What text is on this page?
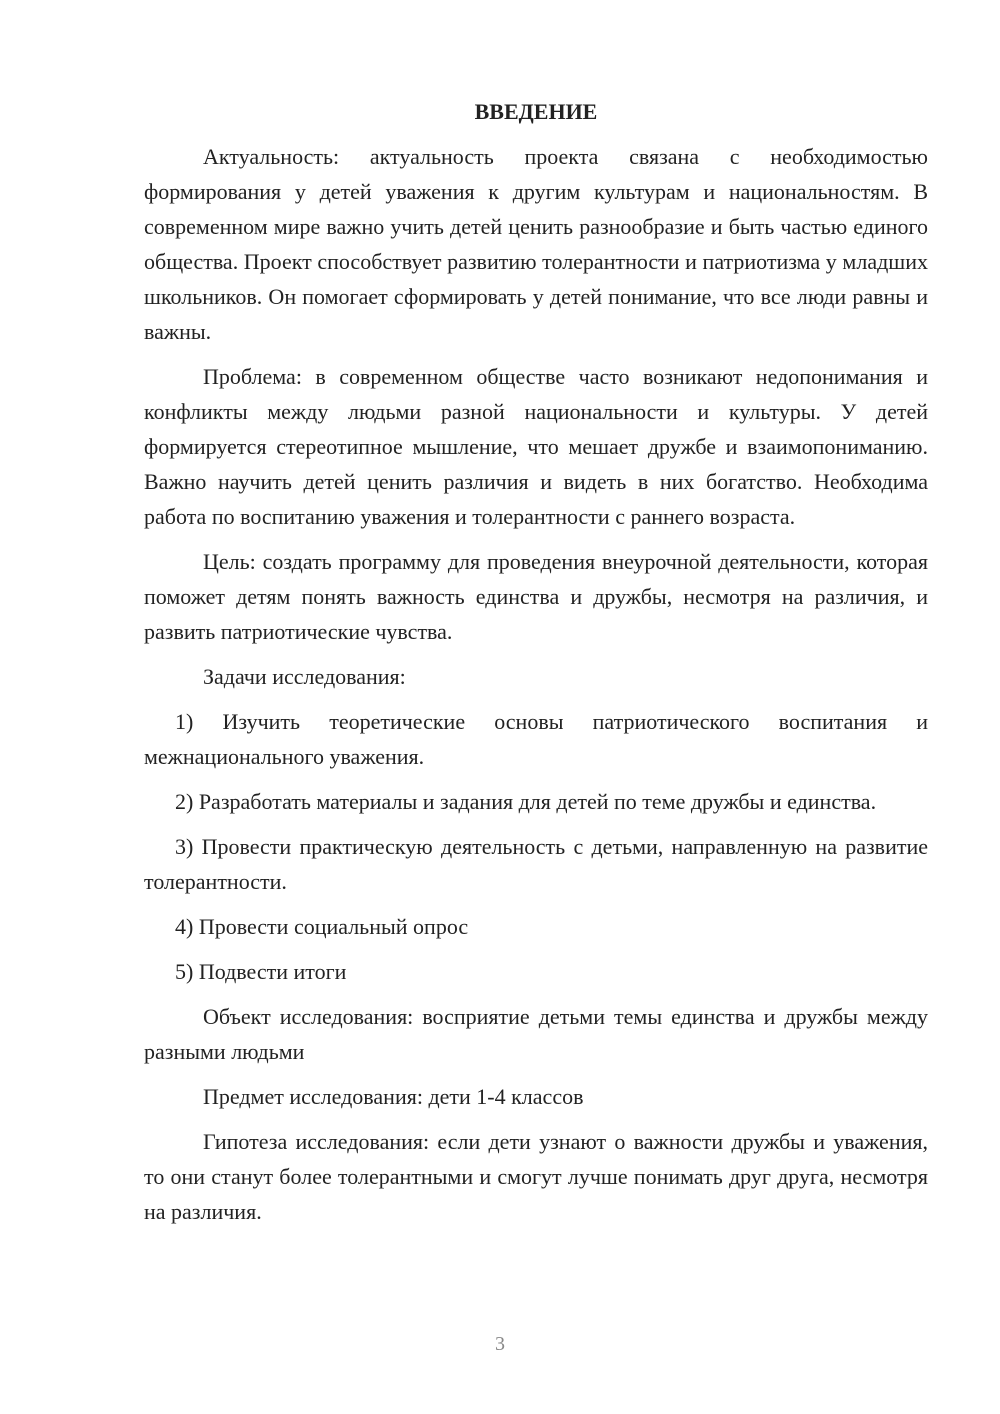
ВВЕДЕНИЕ

Актуальность: актуальность проекта связана с необходимостью формирования у детей уважения к другим культурам и национальностям. В современном мире важно учить детей ценить разнообразие и быть частью единого общества. Проект способствует развитию толерантности и патриотизма у младших школьников. Он помогает сформировать у детей понимание, что все люди равны и важны.

Проблема: в современном обществе часто возникают недопонимания и конфликты между людьми разной национальности и культуры. У детей формируется стереотипное мышление, что мешает дружбе и взаимопониманию. Важно научить детей ценить различия и видеть в них богатство. Необходима работа по воспитанию уважения и толерантности с раннего возраста.

Цель: создать программу для проведения внеурочной деятельности, которая поможет детям понять важность единства и дружбы, несмотря на различия, и развить патриотические чувства.

Задачи исследования:

1) Изучить теоретические основы патриотического воспитания и межнационального уважения.

2) Разработать материалы и задания для детей по теме дружбы и единства.

3) Провести практическую деятельность с детьми, направленную на развитие толерантности.

4) Провести социальный опрос

5) Подвести итоги

Объект исследования: восприятие детьми темы единства и дружбы между разными людьми

Предмет исследования: дети 1-4 классов

Гипотеза исследования: если дети узнают о важности дружбы и уважения, то они станут более толерантными и смогут лучше понимать друг друга, несмотря на различия.

3
